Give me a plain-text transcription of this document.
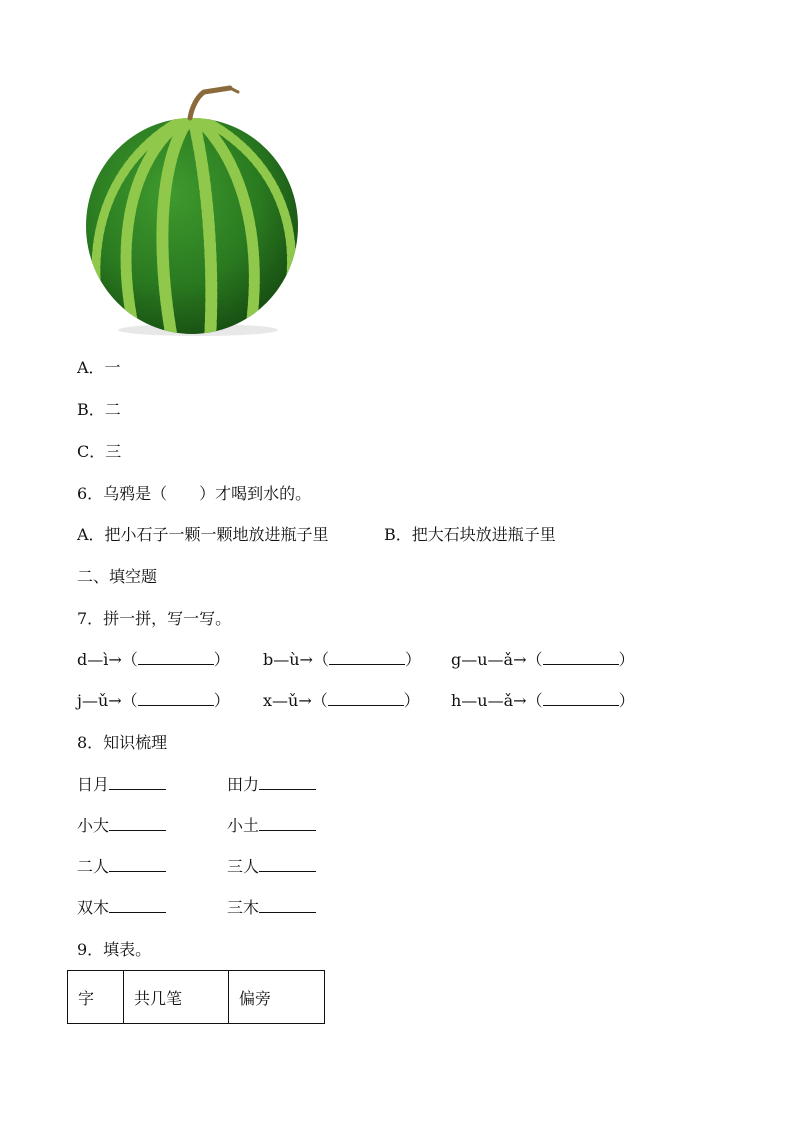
A．一
B．二
C．三
6．乌鸦是（　　）才喝到水的。
A．把小石子一颗一颗地放进瓶子里	B．把大石块放进瓶子里
二、填空题
7．拼一拼，写一写。
d—ì→（	） b—ù→（	） g—u—ǎ→（	）
j—ǔ→（	） x—ǔ→（	） h—u—ǎ→（	）
8．知识梳理
日月	田力
小大	小土
二人	三人
双木	三木
9．填表。
字	共几笔	偏旁
